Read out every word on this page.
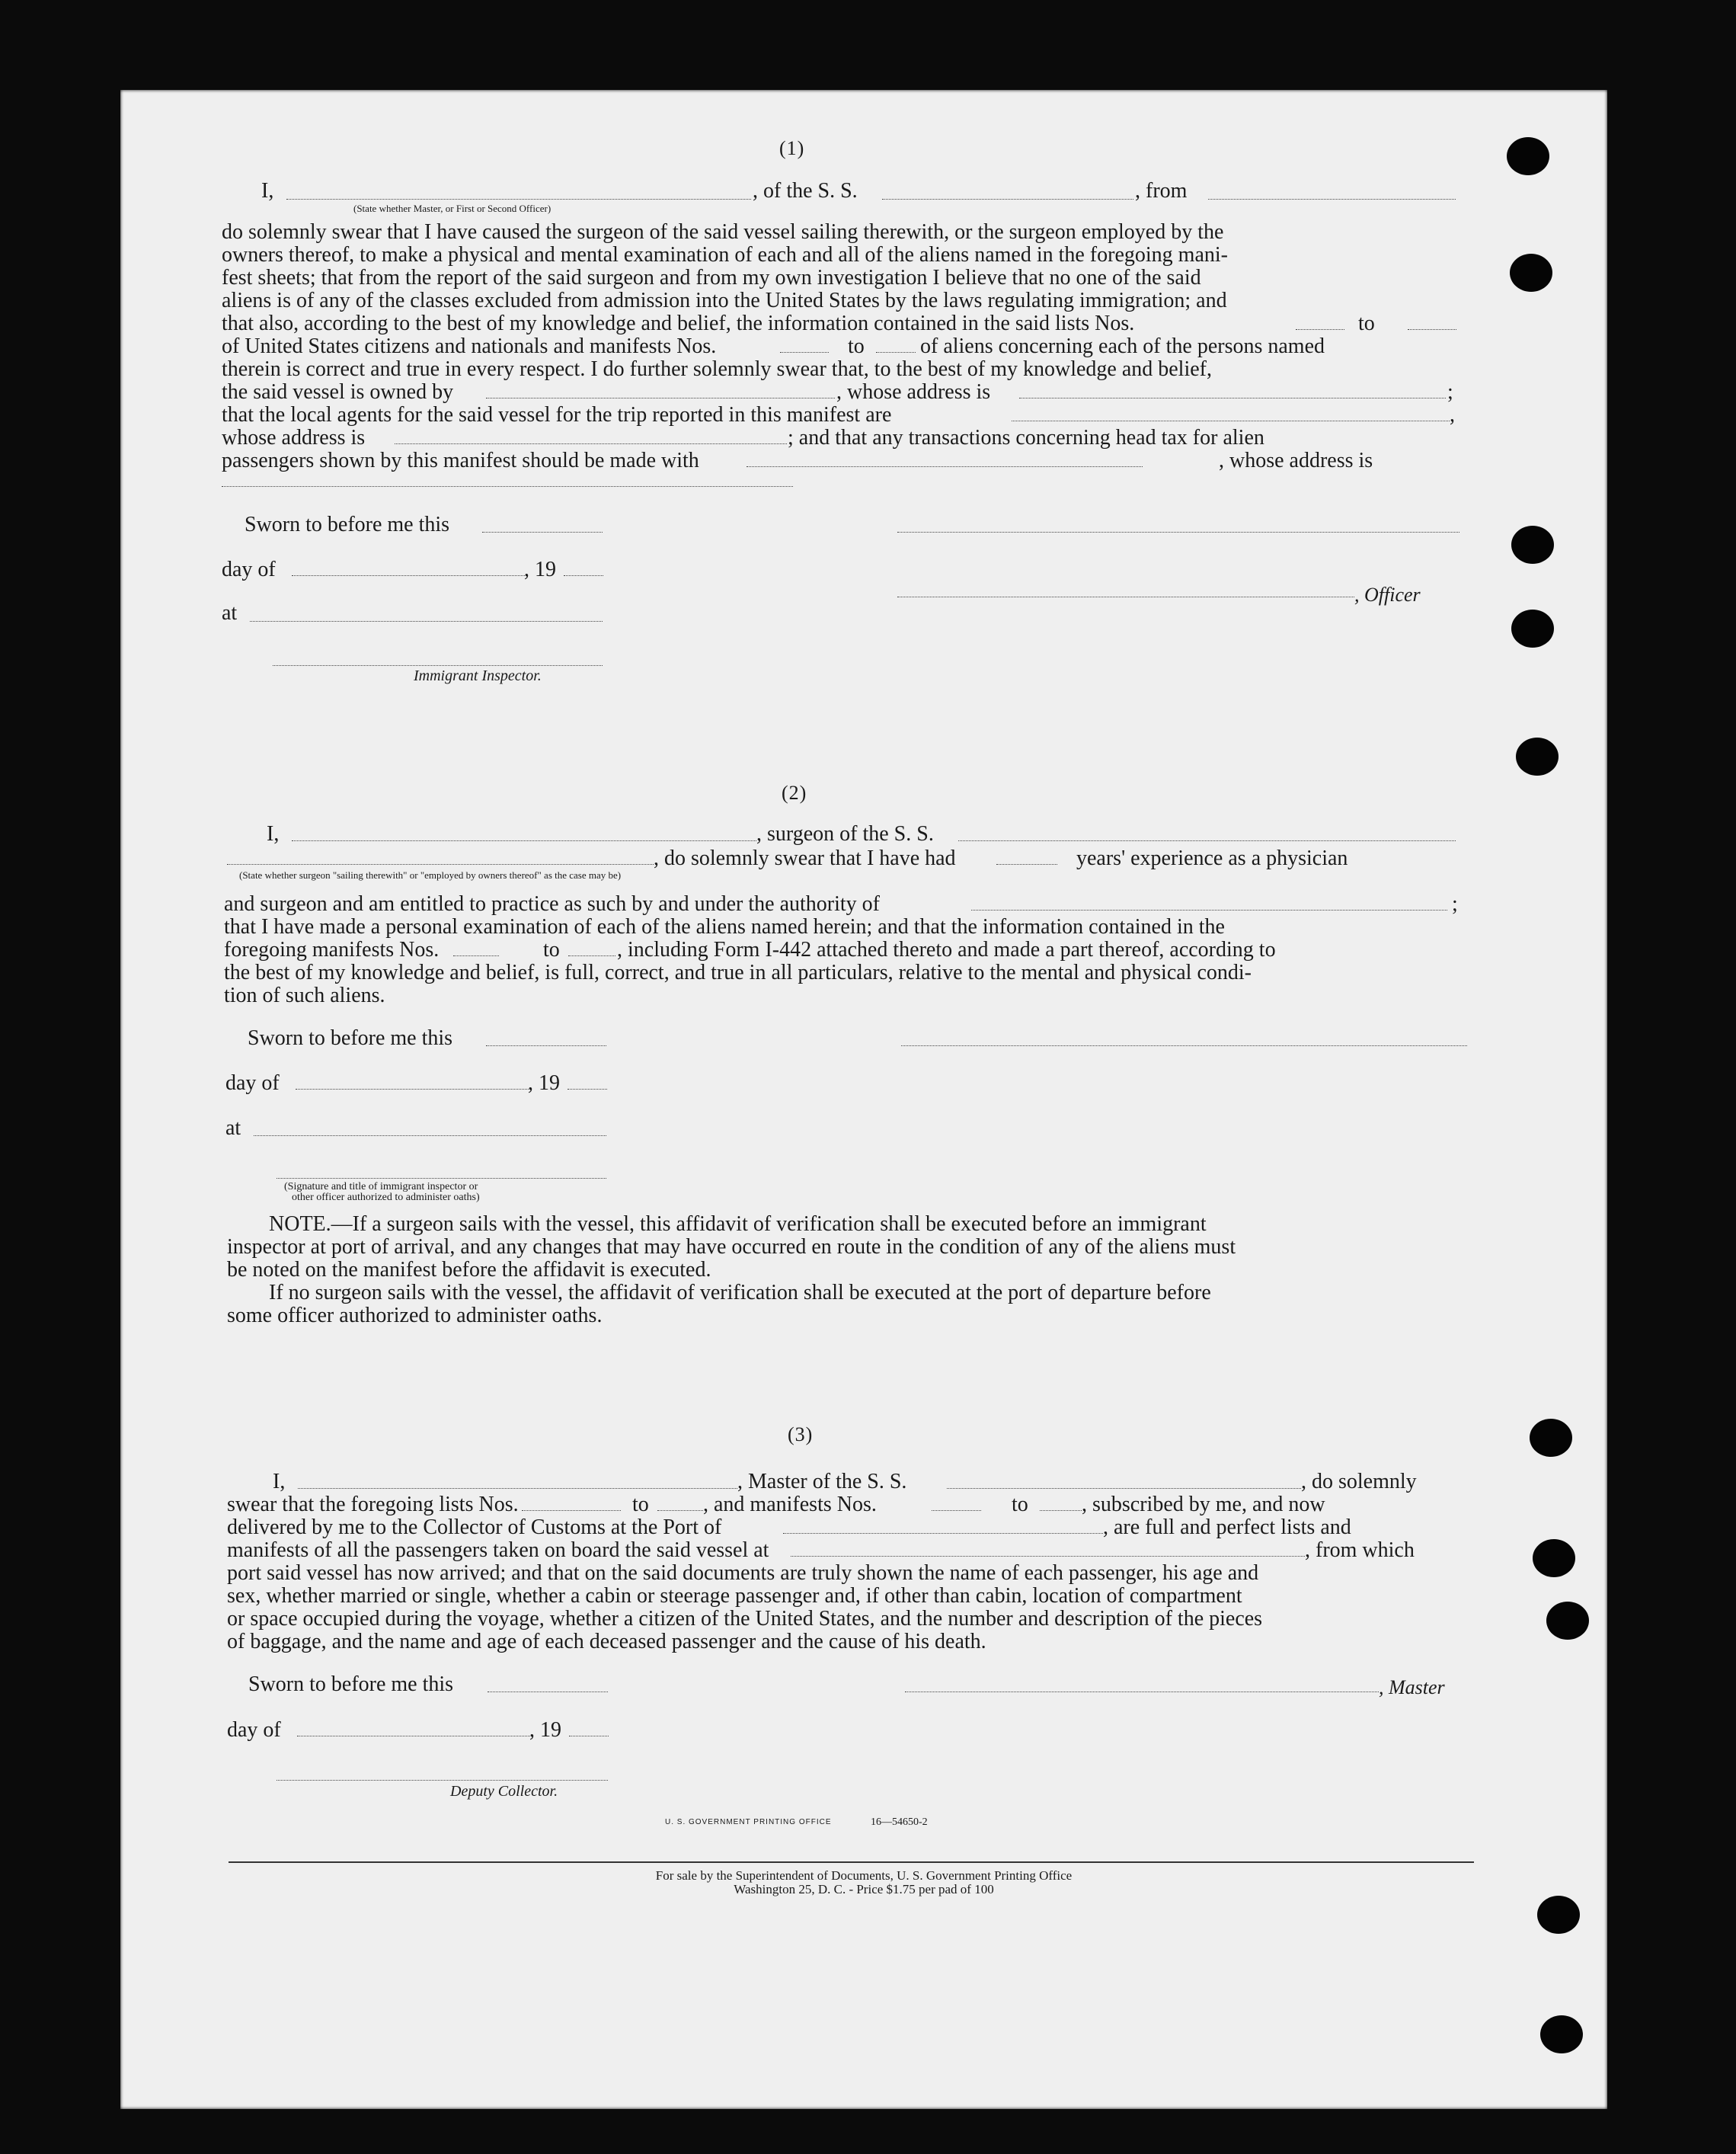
(1)
I,	, of the S. S.	, from
(State whether Master, or First or Second Officer)
do solemnly swear that I have caused the surgeon of the said vessel sailing therewith, or the surgeon employed by the
owners thereof, to make a physical and mental examination of each and all of the aliens named in the foregoing mani-
fest sheets; that from the report of the said surgeon and from my own investigation I believe that no one of the said
aliens is of any of the classes excluded from admission into the United States by the laws regulating immigration; and
that also, according to the best of my knowledge and belief, the information contained in the said lists Nos.	to
of United States citizens and nationals and manifests Nos.	to	of aliens concerning each of the persons named
therein is correct and true in every respect. I do further solemnly swear that, to the best of my knowledge and belief,
the said vessel is owned by	, whose address is	;
that the local agents for the said vessel for the trip reported in this manifest are	,
whose address is	; and that any transactions concerning head tax for alien
passengers shown by this manifest should be made with	, whose address is
Sworn to before me this
day of	, 19
, Officer
at
Immigrant Inspector.
(2)
I,	, surgeon of the S. S.
, do solemnly swear that I have had	years' experience as a physician
(State whether surgeon "sailing therewith" or "employed by owners thereof" as the case may be)
and surgeon and am entitled to practice as such by and under the authority of	;
that I have made a personal examination of each of the aliens named herein; and that the information contained in the
foregoing manifests Nos.	to	, including Form I-442 attached thereto and made a part thereof, according to
the best of my knowledge and belief, is full, correct, and true in all particulars, relative to the mental and physical condi-
tion of such aliens.
Sworn to before me this
day of	, 19
at
(Signature and title of immigrant inspector or
other officer authorized to administer oaths)
NOTE.—If a surgeon sails with the vessel, this affidavit of verification shall be executed before an immigrant
inspector at port of arrival, and any changes that may have occurred en route in the condition of any of the aliens must
be noted on the manifest before the affidavit is executed.
If no surgeon sails with the vessel, the affidavit of verification shall be executed at the port of departure before
some officer authorized to administer oaths.
(3)
I,	, Master of the S. S.	, do solemnly
swear that the foregoing lists Nos.	to	, and manifests Nos.	to	, subscribed by me, and now
delivered by me to the Collector of Customs at the Port of	, are full and perfect lists and
manifests of all the passengers taken on board the said vessel at	, from which
port said vessel has now arrived; and that on the said documents are truly shown the name of each passenger, his age and
sex, whether married or single, whether a cabin or steerage passenger and, if other than cabin, location of compartment
or space occupied during the voyage, whether a citizen of the United States, and the number and description of the pieces
of baggage, and the name and age of each deceased passenger and the cause of his death.
Sworn to before me this	, Master
day of	, 19
Deputy Collector.
U. S. GOVERNMENT PRINTING OFFICE	16—54650-2
For sale by the Superintendent of Documents, U. S. Government Printing Office
Washington 25, D. C. - Price $1.75 per pad of 100
